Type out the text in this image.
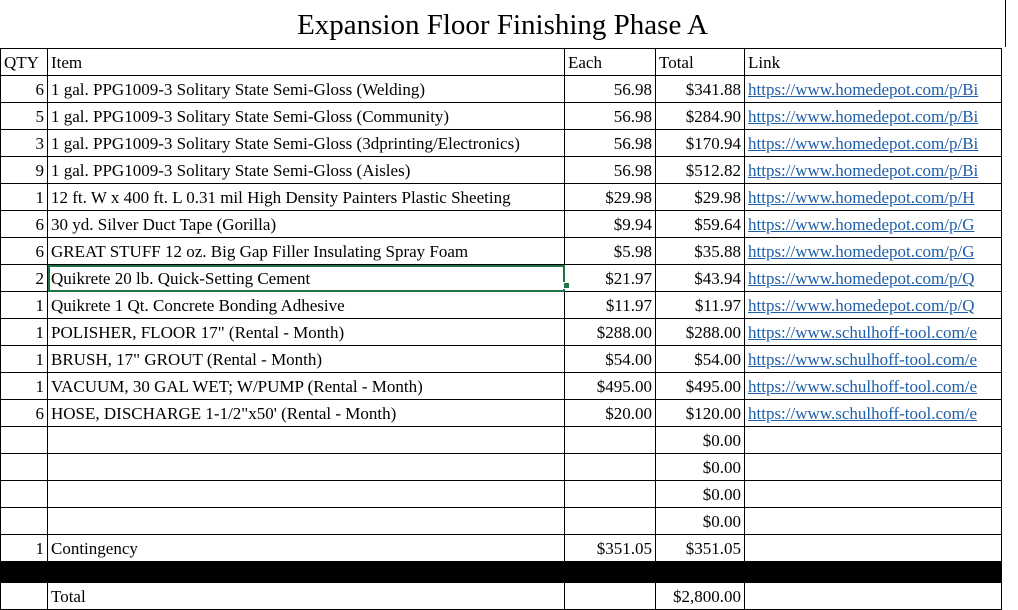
Expansion Floor Finishing Phase A
QTY	Item	Each	Total	Link
6	1 gal. PPG1009-3 Solitary State Semi-Gloss (Welding)	56.98	$341.88	https://www.homedepot.com/p/Bi
5	1 gal. PPG1009-3 Solitary State Semi-Gloss (Community)	56.98	$284.90	https://www.homedepot.com/p/Bi
3	1 gal. PPG1009-3 Solitary State Semi-Gloss (3dprinting/Electronics)	56.98	$170.94	https://www.homedepot.com/p/Bi
9	1 gal. PPG1009-3 Solitary State Semi-Gloss (Aisles)	56.98	$512.82	https://www.homedepot.com/p/Bi
1	12 ft. W x 400 ft. L 0.31 mil High Density Painters Plastic Sheeting	$29.98	$29.98	https://www.homedepot.com/p/H
6	30 yd. Silver Duct Tape (Gorilla)	$9.94	$59.64	https://www.homedepot.com/p/G
6	GREAT STUFF 12 oz. Big Gap Filler Insulating Spray Foam	$5.98	$35.88	https://www.homedepot.com/p/G
2	Quikrete 20 lb. Quick-Setting Cement	$21.97	$43.94	https://www.homedepot.com/p/Q
1	Quikrete 1 Qt. Concrete Bonding Adhesive	$11.97	$11.97	https://www.homedepot.com/p/Q
1	POLISHER, FLOOR 17" (Rental - Month)	$288.00	$288.00	https://www.schulhoff-tool.com/e
1	BRUSH, 17" GROUT (Rental - Month)	$54.00	$54.00	https://www.schulhoff-tool.com/e
1	VACUUM, 30 GAL WET; W/PUMP (Rental - Month)	$495.00	$495.00	https://www.schulhoff-tool.com/e
6	HOSE, DISCHARGE 1-1/2"x50' (Rental - Month)	$20.00	$120.00	https://www.schulhoff-tool.com/e
			$0.00	
			$0.00	
			$0.00	
			$0.00	
1	Contingency	$351.05	$351.05	

	Total		$2,800.00	
